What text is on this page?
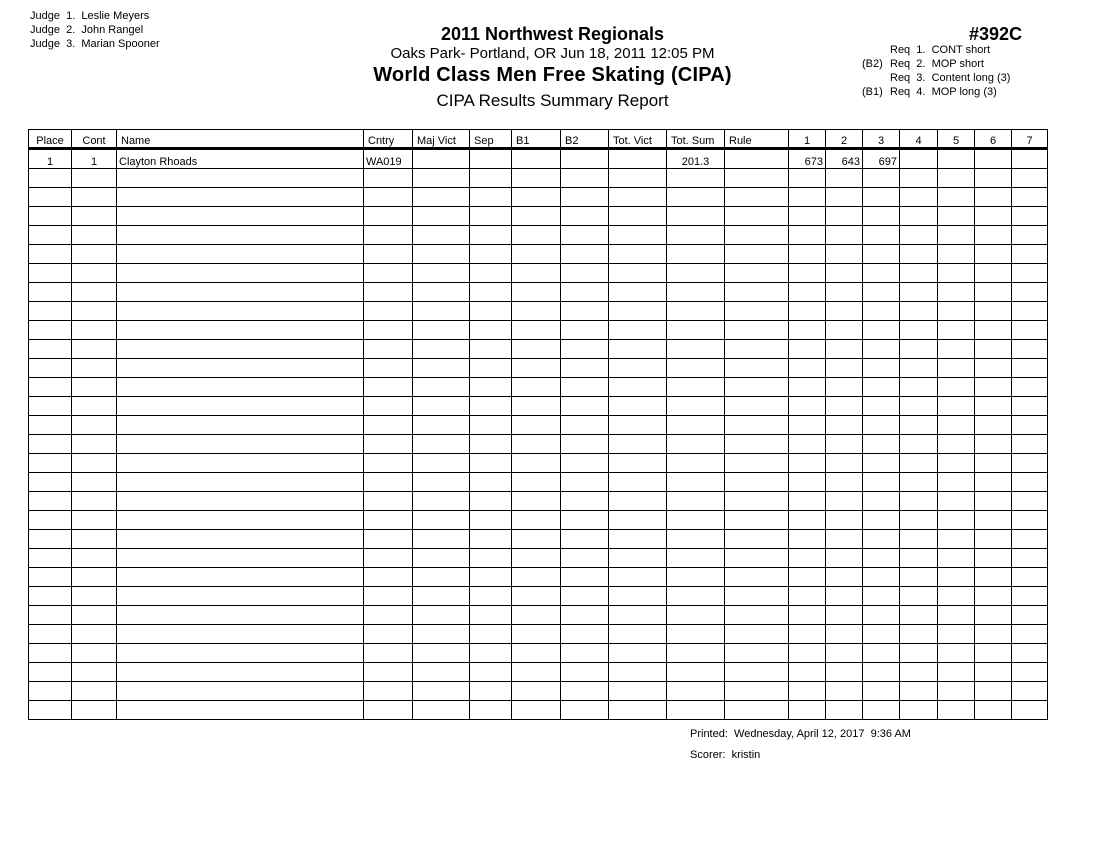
Judge  1.  Leslie Meyers
Judge  2.  John Rangel
Judge  3.  Marian Spooner	2011 Northwest Regionals
Oaks Park- Portland, OR Jun 18, 2011 12:05 PM
World Class Men Free Skating (CIPA)
CIPA Results Summary Report
#392C
Req  1.  CONT short
(B2) Req  2.  MOP short
Req  3.  Content long (3)
(B1) Req  4.  MOP long (3)
Place	Cont	Name	Cntry	Maj Vict	Sep	B1	B2	Tot. Vict	Tot. Sum	Rule	1	2	3	4	5	6	7
1	1	Clayton Rhoads	WA019						201.3		673	643	697				

Printed:  Wednesday, April 12, 2017  9:36 AM
Scorer:  kristin
